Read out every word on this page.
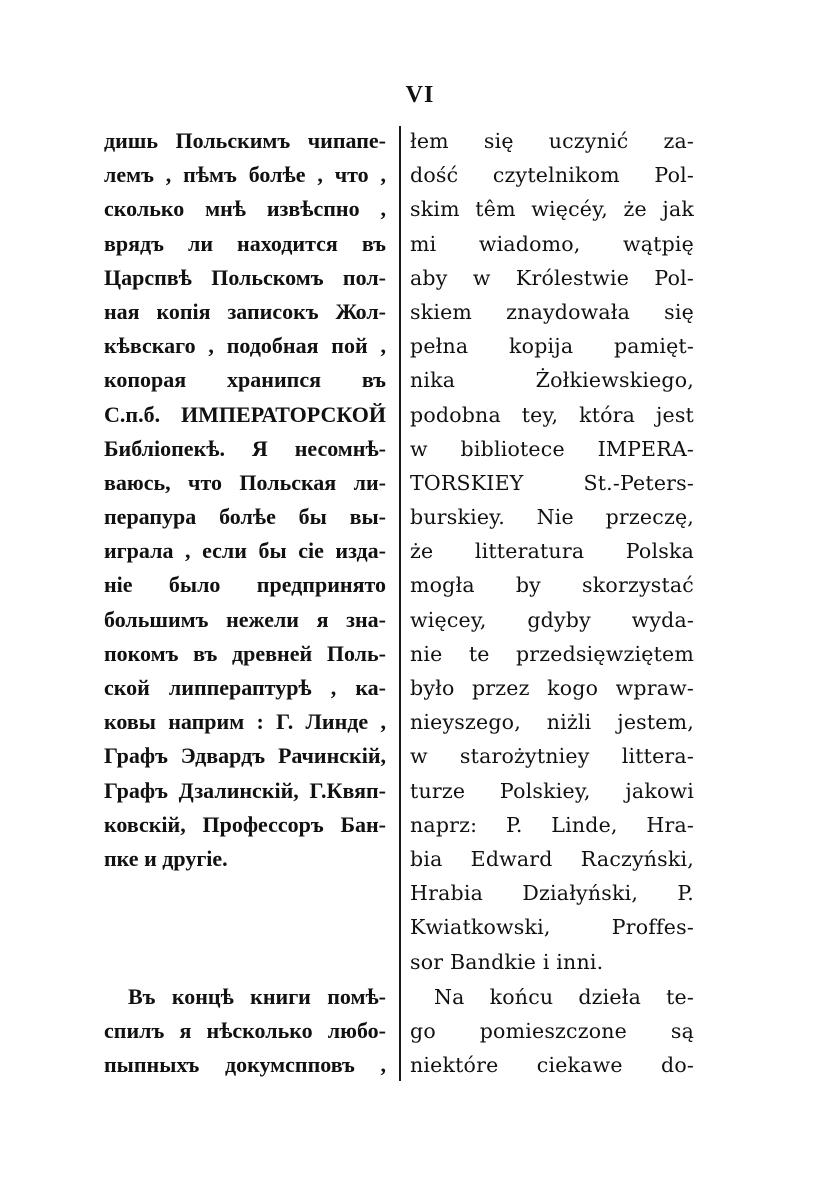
VI
дишь Польскимъ чипапе-
лемъ , пѣмъ болѣе , что ,
сколько мнѣ извѣспно ,
врядъ ли находится въ
Царспвѣ Польскомъ пол-
ная копія записокъ Жол-
кѣвскаго , подобная пой ,
копорая хранипся въ
С.п.б. ИМПЕРАТОРСКОЙ
Библіопекѣ. Я несомнѣ-
ваюсь, что Польская ли-
перапура болѣе бы вы-
играла , если бы сіе изда-
ніе было предпринято
большимъ нежели я зна-
покомъ въ древней Поль-
ской липпераптурѣ , ка-
ковы наприм : Г. Линде ,
Графъ Эдвардъ Рачинскій,
Графъ Дзалинскій, Г.Квяп-
ковскій, Профессоръ Бан-
пке и другіе.
Въ концѣ книги помѣ-
спилъ я нѣсколько любо-
пыпныхъ докумспповъ ,
łem się uczynić za-
dość czytelnikom Pol-
skim têm więcéy, że jak
mi wiadomo, wątpię
aby w Królestwie Pol-
skiem znaydowała się
pełna kopija pamięt-
nika Żołkiewskiego,
podobna tey, która jest
w bibliotece IMPERA-
TORSKIEY St.-Peters-
burskiey. Nie przeczę,
że litteratura Polska
mogła by skorzystać
więcey, gdyby wyda-
nie te przedsięwziętem
było przez kogo wpraw-
nieyszego, niżli jestem,
w starożytniey littera-
turze Polskiey, jakowi
naprz: P. Linde, Hra-
bia Edward Raczyński,
Hrabia Działyński, P.
Kwiatkowski, Proffes-
sor Bandkie i inni.
Na końcu dzieła te-
go pomieszczone są
niektóre ciekawe do-
